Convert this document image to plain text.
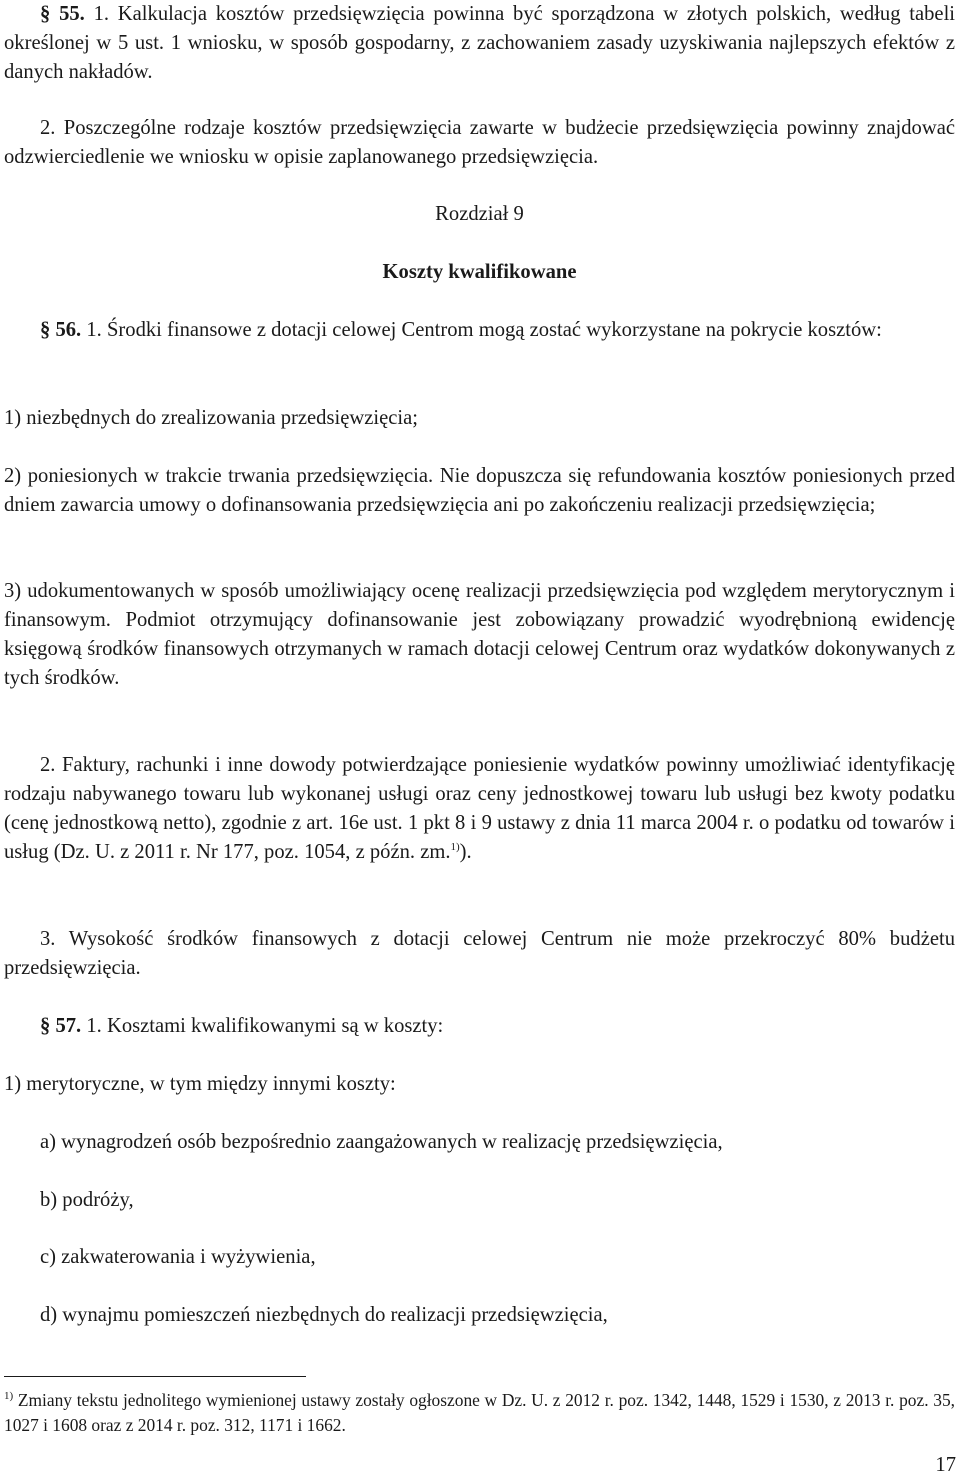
§ 55. 1. Kalkulacja kosztów przedsięwzięcia powinna być sporządzona w złotych polskich, według tabeli określonej w 5 ust. 1 wniosku, w sposób gospodarny, z zachowaniem zasady uzyskiwania najlepszych efektów z danych nakładów.

2. Poszczególne rodzaje kosztów przedsięwzięcia zawarte w budżecie przedsięwzięcia powinny znajdować odzwierciedlenie we wniosku w opisie zaplanowanego przedsięwzięcia.

Rozdział 9

Koszty kwalifikowane

§ 56. 1. Środki finansowe z dotacji celowej Centrom mogą zostać wykorzystane na pokrycie kosztów:

1) niezbędnych do zrealizowania przedsięwzięcia;
2) poniesionych w trakcie trwania przedsięwzięcia. Nie dopuszcza się refundowania kosztów poniesionych przed dniem zawarcia umowy o dofinansowania przedsięwzięcia ani po zakończeniu realizacji przedsięwzięcia;
3) udokumentowanych w sposób umożliwiający ocenę realizacji przedsięwzięcia pod względem merytorycznym i finansowym. Podmiot otrzymujący dofinansowanie jest zobowiązany prowadzić wyodrębnioną ewidencję księgową środków finansowych otrzymanych w ramach dotacji celowej Centrum oraz wydatków dokonywanych z tych środków.

2. Faktury, rachunki i inne dowody potwierdzające poniesienie wydatków powinny umożliwiać identyfikację rodzaju nabywanego towaru lub wykonanej usługi oraz ceny jednostkowej towaru lub usługi bez kwoty podatku (cenę jednostkową netto), zgodnie z art. 16e ust. 1 pkt 8 i 9 ustawy z dnia 11 marca 2004 r. o podatku od towarów i usług (Dz. U. z 2011 r. Nr 177, poz. 1054, z późn. zm.$^{1)}$).

3. Wysokość środków finansowych z dotacji celowej Centrum nie może przekroczyć 80% budżetu przedsięwzięcia.

§ 57. 1. Kosztami kwalifikowanymi są w koszty:

1) merytoryczne, w tym między innymi koszty:
a) wynagrodzeń osób bezpośrednio zaangażowanych w realizację przedsięwzięcia,
b) podróży,
c) zakwaterowania i wyżywienia,
d) wynajmu pomieszczeń niezbędnych do realizacji przedsięwzięcia,
$^{1)}$ Zmiany tekstu jednolitego wymienionej ustawy zostały ogłoszone w Dz. U. z 2012 r. poz. 1342, 1448, 1529 i 1530, z 2013 r. poz. 35, 1027 i 1608 oraz z 2014 r. poz. 312, 1171 i 1662.
17
